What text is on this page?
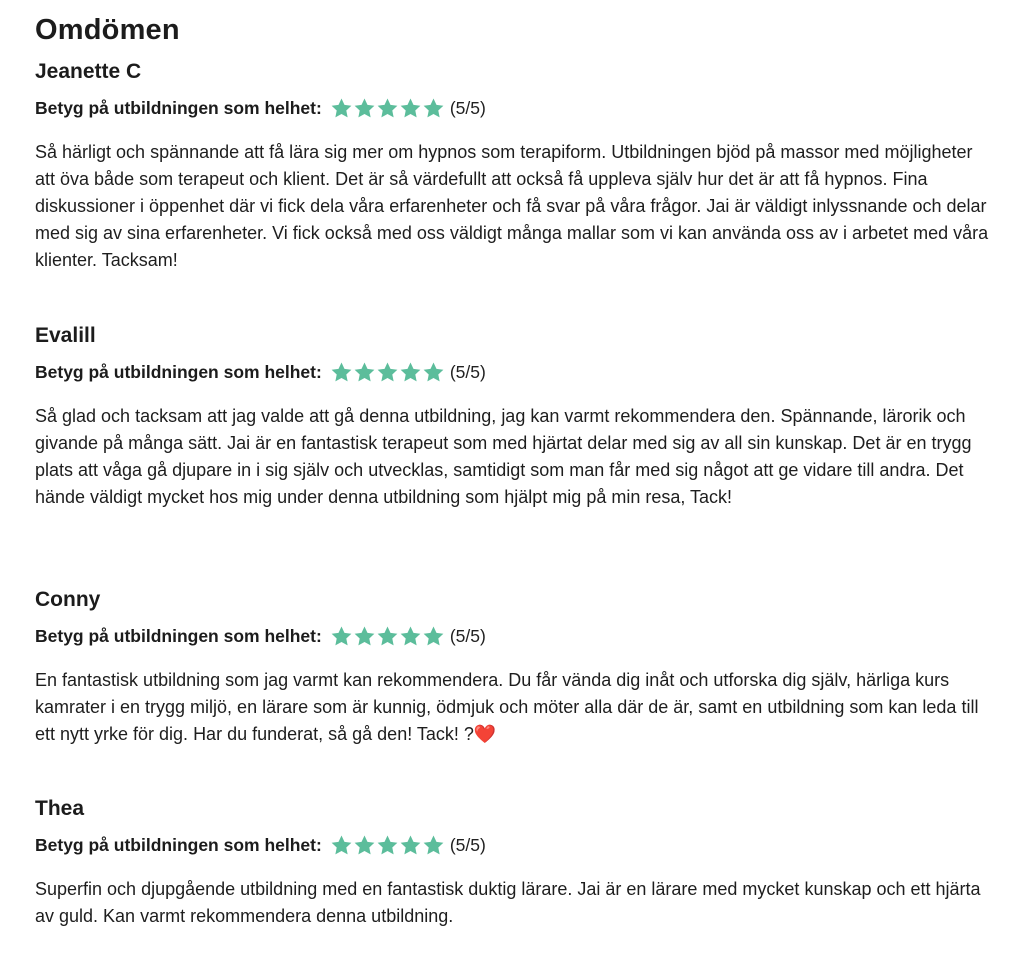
Omdömen
Jeanette C
Betyg på utbildningen som helhet:	(5/5)

Så härligt och spännande att få lära sig mer om hypnos som terapiform. Utbildningen bjöd på massor med möjligheter att öva både som terapeut och klient. Det är så värdefullt att också få uppleva själv hur det är att få hypnos. Fina diskussioner i öppenhet där vi fick dela våra erfarenheter och få svar på våra frågor. Jai är väldigt inlyssnande och delar med sig av sina erfarenheter. Vi fick också med oss väldigt många mallar som vi kan använda oss av i arbetet med våra klienter. Tacksam!

Evalill
Betyg på utbildningen som helhet:	(5/5)

Så glad och tacksam att jag valde att gå denna utbildning, jag kan varmt rekommendera den. Spännande, lärorik och givande på många sätt. Jai är en fantastisk terapeut som med hjärtat delar med sig av all sin kunskap. Det är en trygg plats att våga gå djupare in i sig själv och utvecklas, samtidigt som man får med sig något att ge vidare till andra. Det hände väldigt mycket hos mig under denna utbildning som hjälpt mig på min resa, Tack!

Conny
Betyg på utbildningen som helhet:	(5/5)

En fantastisk utbildning som jag varmt kan rekommendera. Du får vända dig inåt och utforska dig själv, härliga kurs kamrater i en trygg miljö, en lärare som är kunnig, ödmjuk och möter alla där de är, samt en utbildning som kan leda till ett nytt yrke för dig. Har du funderat, så gå den! Tack! ?❤️

Thea
Betyg på utbildningen som helhet:	(5/5)

Superfin och djupgående utbildning med en fantastisk duktig lärare. Jai är en lärare med mycket kunskap och ett hjärta av guld. Kan varmt rekommendera denna utbildning.
